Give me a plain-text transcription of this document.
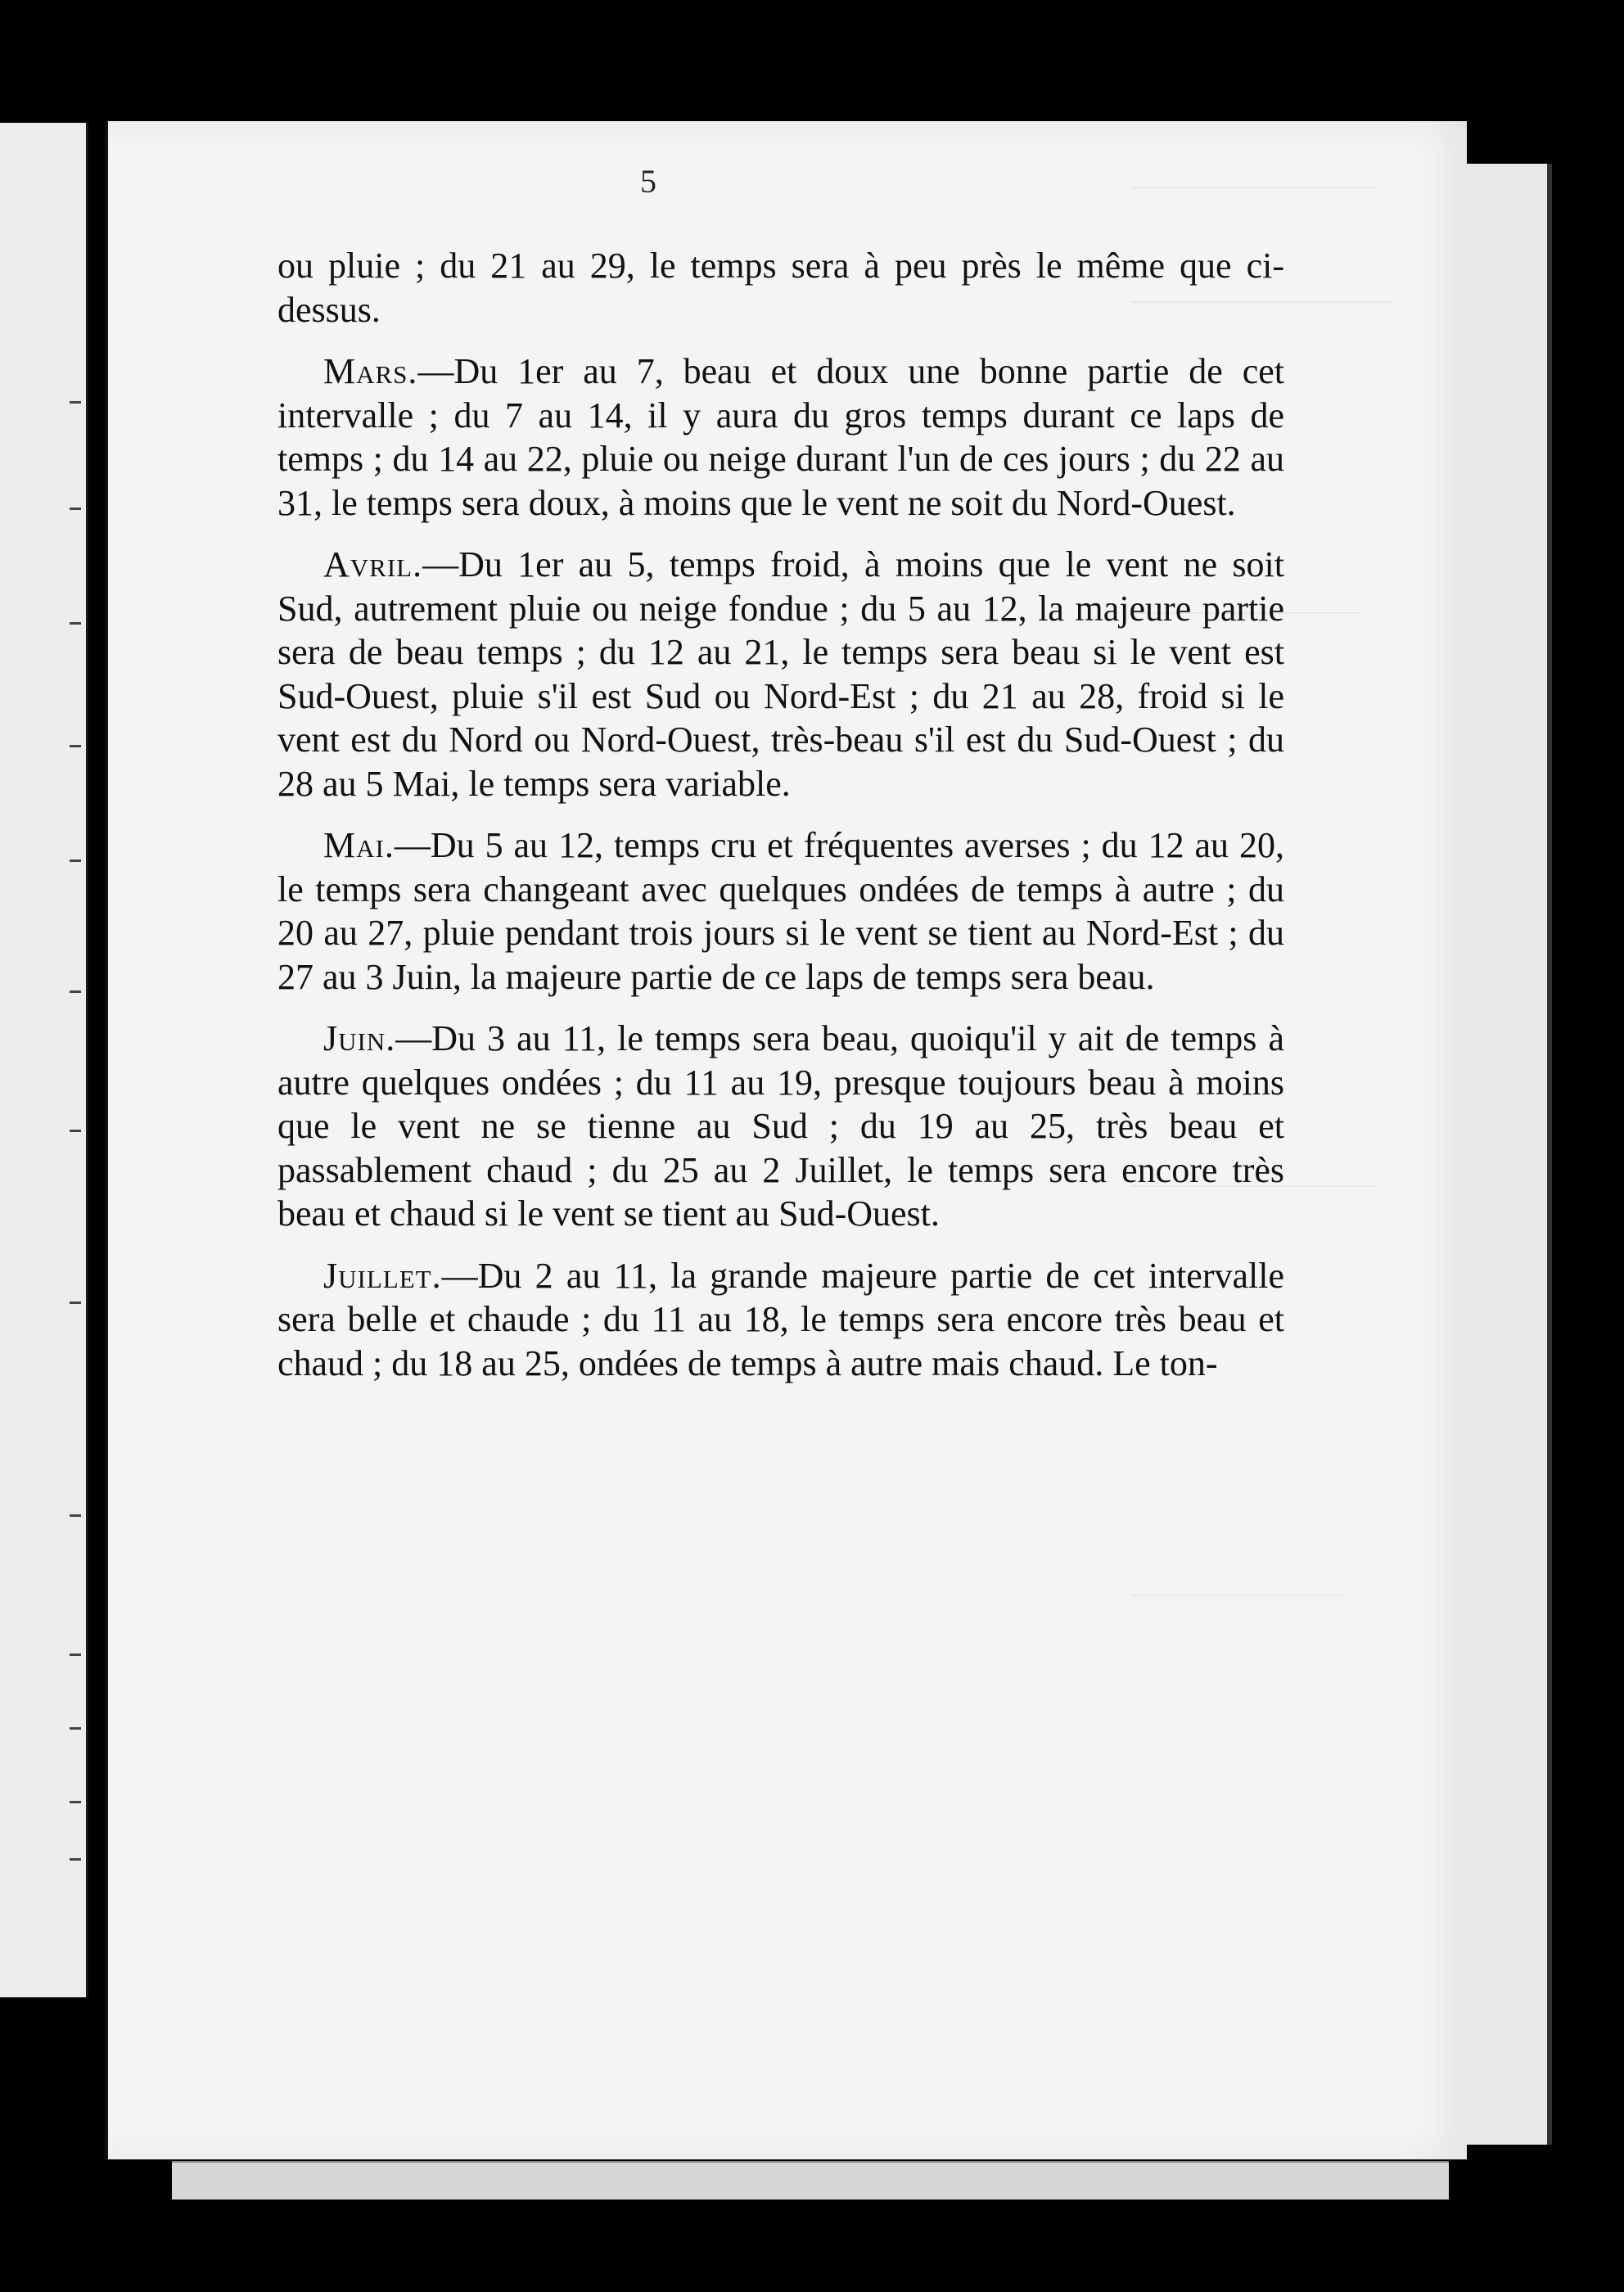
5

ou pluie ; du 21 au 29, le temps sera à peu près le même que ci-dessus.

Mars.—Du 1er au 7, beau et doux une bonne partie de cet intervalle ; du 7 au 14, il y aura du gros temps durant ce laps de temps ; du 14 au 22, pluie ou neige durant l'un de ces jours ; du 22 au 31, le temps sera doux, à moins que le vent ne soit du Nord-Ouest.

Avril.—Du 1er au 5, temps froid, à moins que le vent ne soit Sud, autrement pluie ou neige fondue ; du 5 au 12, la majeure partie sera de beau temps ; du 12 au 21, le temps sera beau si le vent est Sud-Ouest, pluie s'il est Sud ou Nord-Est ; du 21 au 28, froid si le vent est du Nord ou Nord-Ouest, très-beau s'il est du Sud-Ouest ; du 28 au 5 Mai, le temps sera variable.

Mai.—Du 5 au 12, temps cru et fréquentes averses ; du 12 au 20, le temps sera changeant avec quelques ondées de temps à autre ; du 20 au 27, pluie pendant trois jours si le vent se tient au Nord-Est ; du 27 au 3 Juin, la majeure partie de ce laps de temps sera beau.

Juin.—Du 3 au 11, le temps sera beau, quoiqu'il y ait de temps à autre quelques ondées ; du 11 au 19, presque toujours beau à moins que le vent ne se tienne au Sud ; du 19 au 25, très beau et passablement chaud ; du 25 au 2 Juillet, le temps sera encore très beau et chaud si le vent se tient au Sud-Ouest.

Juillet.—Du 2 au 11, la grande majeure partie de cet intervalle sera belle et chaude ; du 11 au 18, le temps sera encore très beau et chaud ; du 18 au 25, ondées de temps à autre mais chaud. Le ton-
